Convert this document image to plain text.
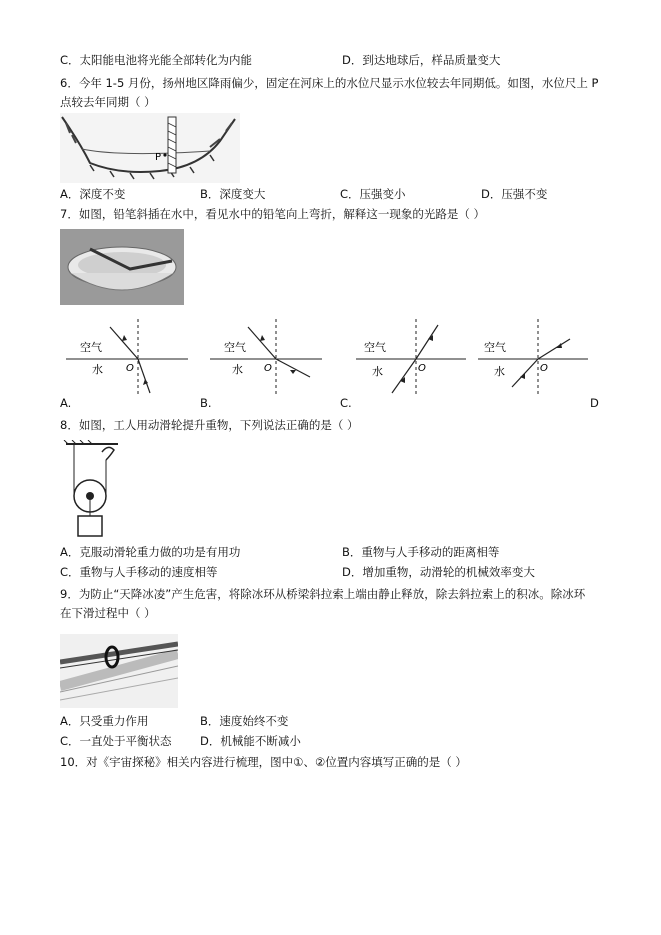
C．太阳能电池将光能全部转化为内能	D．到达地球后，样品质量变大
6．今年 1-5 月份，扬州地区降雨偏少，固定在河床上的水位尺显示水位较去年同期低。如图，水位尺上 P
点较去年同期（ ）
P
A．深度不变	B．深度变大	C．压强变小	D．压强不变
7．如图，铅笔斜插在水中，看见水中的铅笔向上弯折，解释这一现象的光路是（ ）
空气
水 O
空气
水 O
空气
水	O
空气
水	O
A.	B.	C.	D
8．如图，工人用动滑轮提升重物，下列说法正确的是（ ）
A．克服动滑轮重力做的功是有用功	B．重物与人手移动的距离相等
C．重物与人手移动的速度相等	D．增加重物，动滑轮的机械效率变大
9．为防止“天降冰凌”产生危害，将除冰环从桥梁斜拉索上端由静止释放，除去斜拉索上的积冰。除冰环
在下滑过程中（ ）
A．只受重力作用	B．速度始终不变
C．一直处于平衡状态 D．机械能不断减小
10．对《宇宙探秘》相关内容进行梳理，图中①、②位置内容填写正确的是（ ）
